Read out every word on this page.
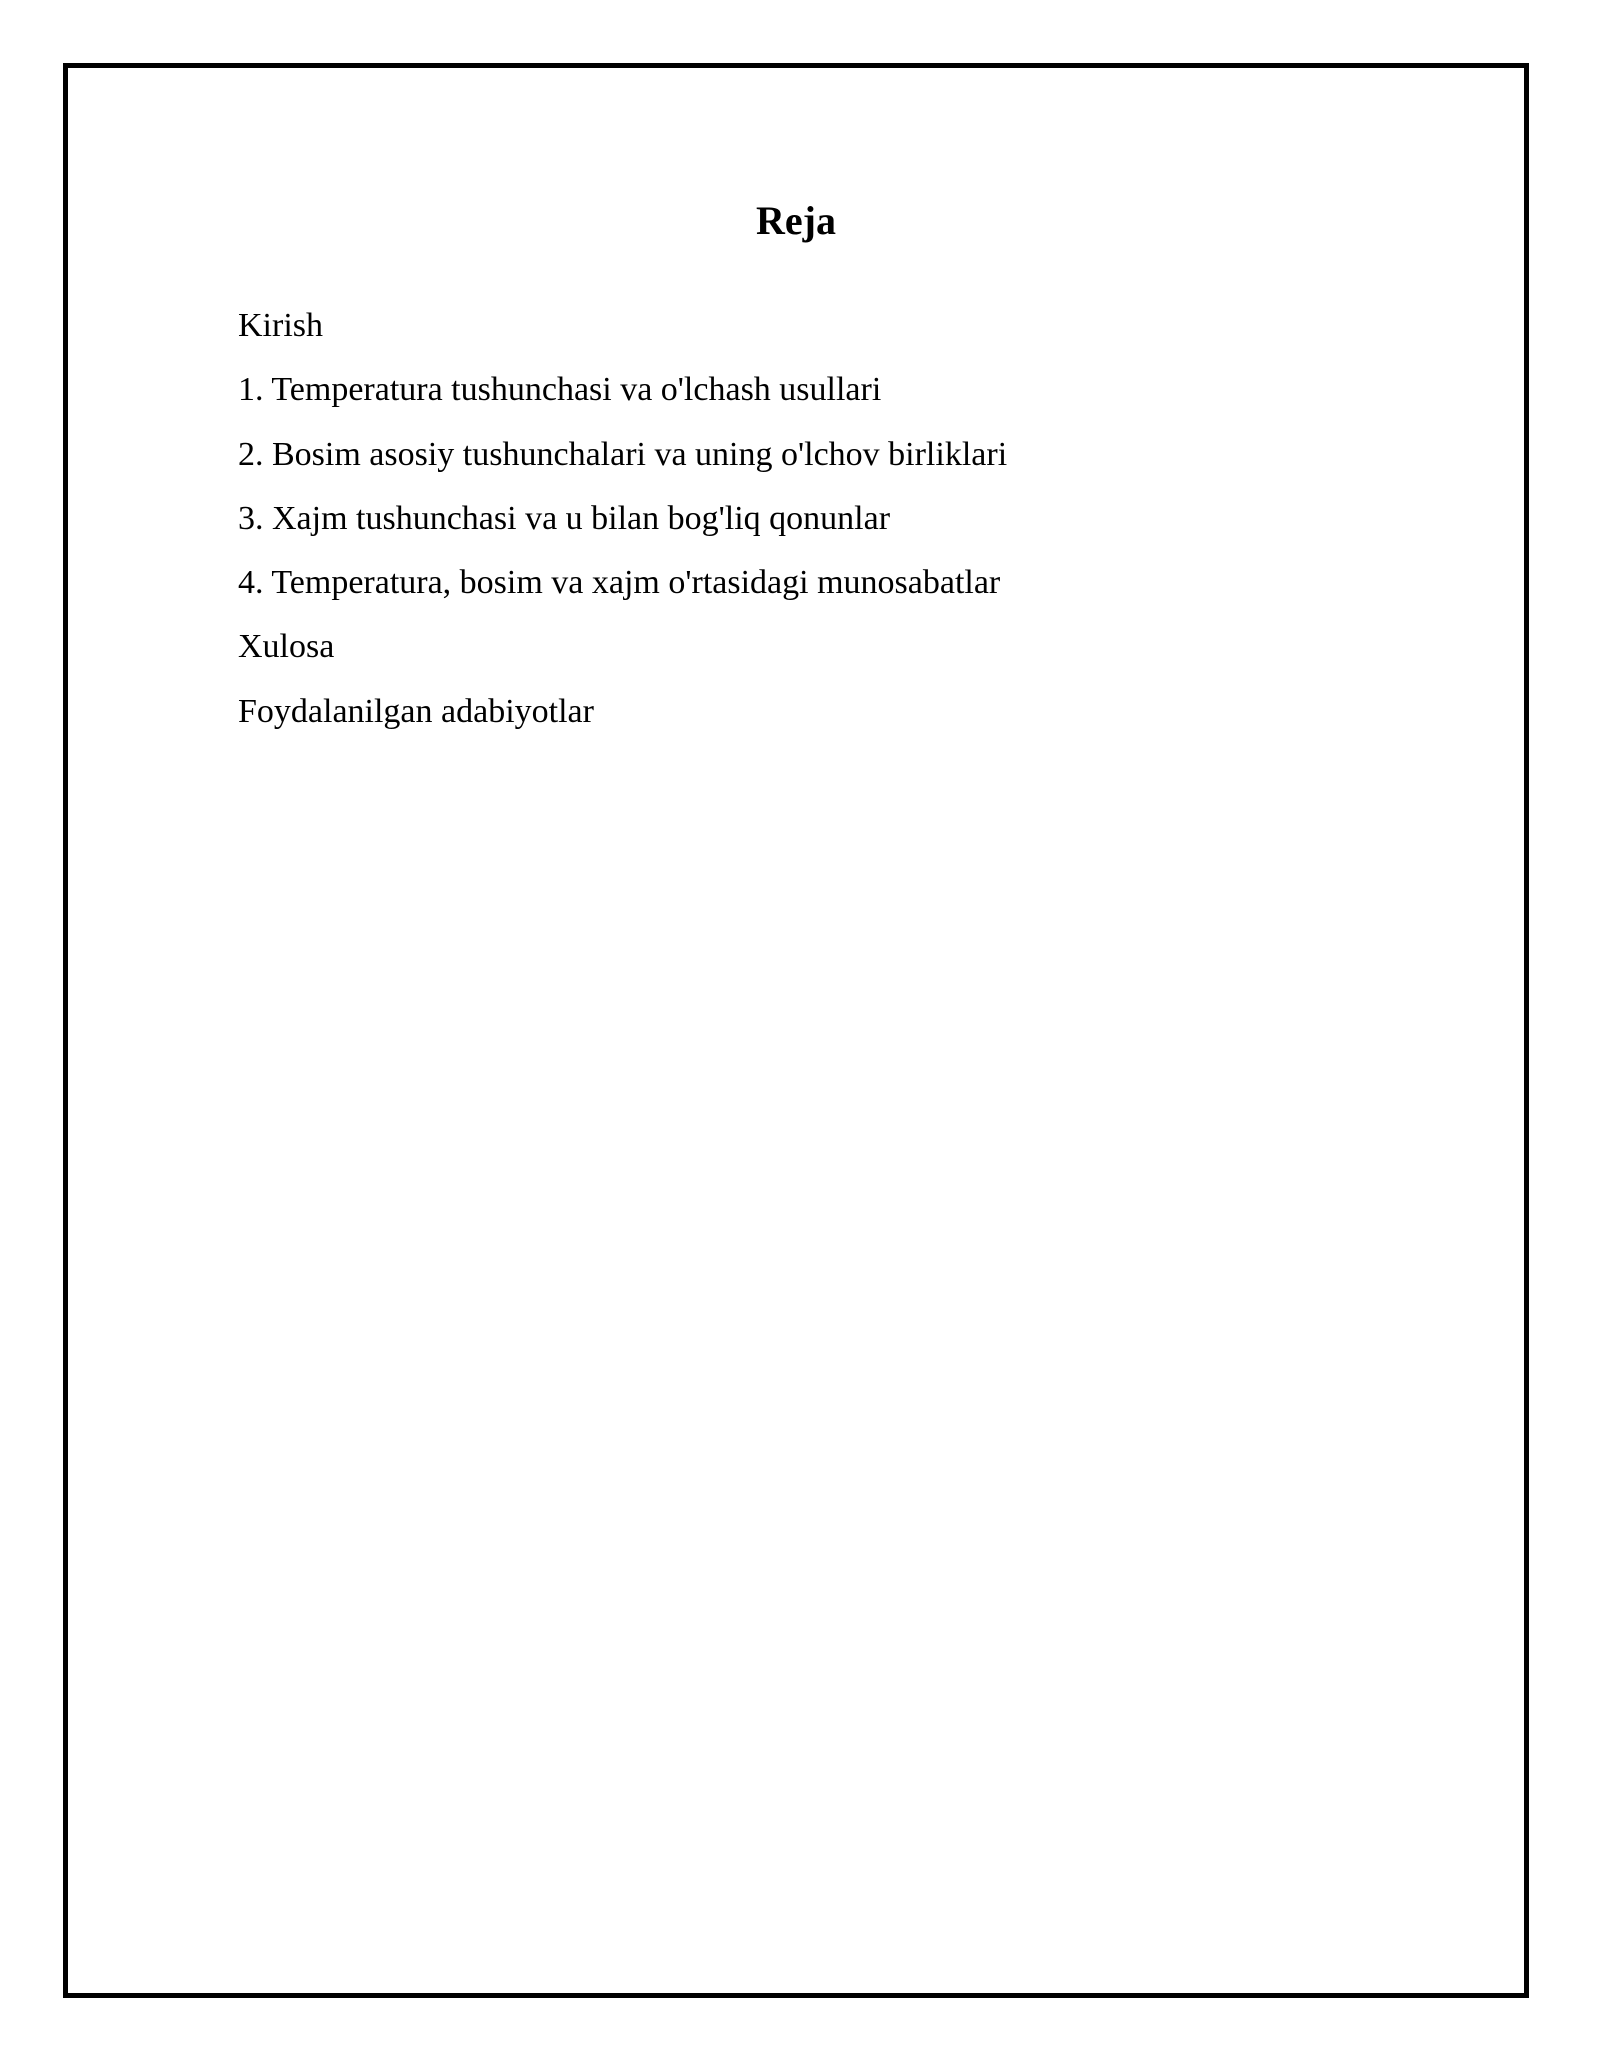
Reja
Kirish
1. Temperatura tushunchasi va o'lchash usullari
2. Bosim asosiy tushunchalari va uning o'lchov birliklari
3. Xajm tushunchasi va u bilan bog'liq qonunlar
4. Temperatura, bosim va xajm o'rtasidagi munosabatlar
Xulosa
Foydalanilgan adabiyotlar
